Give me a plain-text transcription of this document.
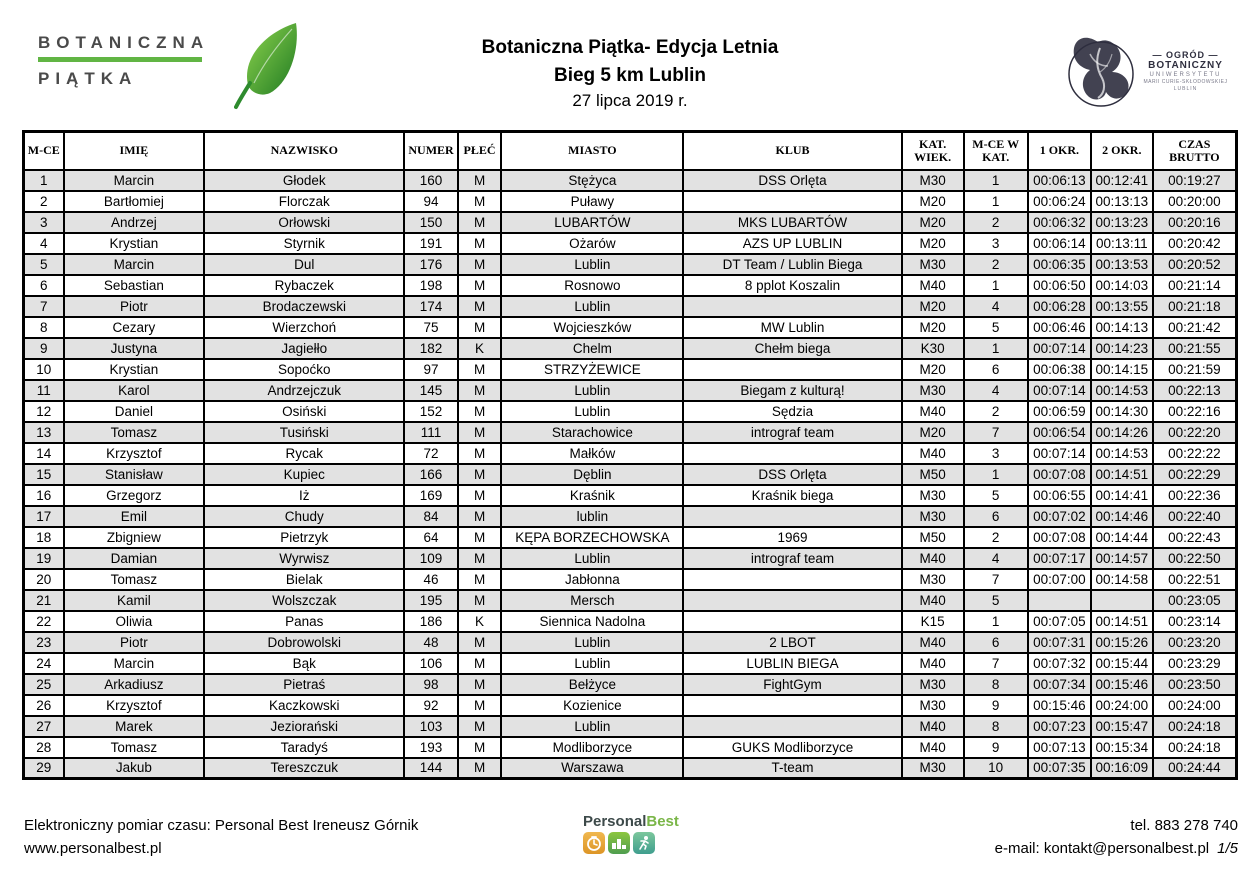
BOTANICZNA
PIĄTKA
Botaniczna Piątka- Edycja Letnia
Bieg 5 km Lublin
27 lipca 2019 r.
— OGRÓD —
BOTANICZNY
UNIWERSYTETU
MARII CURIE-SKŁODOWSKIEJ
LUBLIN
M-CE	IMIĘ	NAZWISKO	NUMER	PŁEĆ	MIASTO	KLUB	KAT. WIEK.	M-CE W KAT.	1 OKR.	2 OKR.	CZAS BRUTTO
1	Marcin	Głodek	160	M	Stężyca	DSS Orlęta	M30	1	00:06:13	00:12:41	00:19:27
2	Bartłomiej	Florczak	94	M	Puławy		M20	1	00:06:24	00:13:13	00:20:00
3	Andrzej	Orłowski	150	M	LUBARTÓW	MKS LUBARTÓW	M20	2	00:06:32	00:13:23	00:20:16
4	Krystian	Styrnik	191	M	Ożarów	AZS UP LUBLIN	M20	3	00:06:14	00:13:11	00:20:42
5	Marcin	Dul	176	M	Lublin	DT Team / Lublin Biega	M30	2	00:06:35	00:13:53	00:20:52
6	Sebastian	Rybaczek	198	M	Rosnowo	8 pplot Koszalin	M40	1	00:06:50	00:14:03	00:21:14
7	Piotr	Brodaczewski	174	M	Lublin		M20	4	00:06:28	00:13:55	00:21:18
8	Cezary	Wierzchoń	75	M	Wojcieszków	MW Lublin	M20	5	00:06:46	00:14:13	00:21:42
9	Justyna	Jagiełło	182	K	Chelm	Chełm biega	K30	1	00:07:14	00:14:23	00:21:55
10	Krystian	Sopoćko	97	M	STRZYŻEWICE		M20	6	00:06:38	00:14:15	00:21:59
11	Karol	Andrzejczuk	145	M	Lublin	Biegam z kulturą!	M30	4	00:07:14	00:14:53	00:22:13
12	Daniel	Osiński	152	M	Lublin	Sędzia	M40	2	00:06:59	00:14:30	00:22:16
13	Tomasz	Tusiński	111	M	Starachowice	intrograf team	M20	7	00:06:54	00:14:26	00:22:20
14	Krzysztof	Rycak	72	M	Małków		M40	3	00:07:14	00:14:53	00:22:22
15	Stanisław	Kupiec	166	M	Dęblin	DSS Orlęta	M50	1	00:07:08	00:14:51	00:22:29
16	Grzegorz	Iż	169	M	Kraśnik	Kraśnik biega	M30	5	00:06:55	00:14:41	00:22:36
17	Emil	Chudy	84	M	lublin		M30	6	00:07:02	00:14:46	00:22:40
18	Zbigniew	Pietrzyk	64	M	KĘPA BORZECHOWSKA	1969	M50	2	00:07:08	00:14:44	00:22:43
19	Damian	Wyrwisz	109	M	Lublin	intrograf team	M40	4	00:07:17	00:14:57	00:22:50
20	Tomasz	Bielak	46	M	Jabłonna		M30	7	00:07:00	00:14:58	00:22:51
21	Kamil	Wolszczak	195	M	Mersch		M40	5			00:23:05
22	Oliwia	Panas	186	K	Siennica Nadolna		K15	1	00:07:05	00:14:51	00:23:14
23	Piotr	Dobrowolski	48	M	Lublin	2 LBOT	M40	6	00:07:31	00:15:26	00:23:20
24	Marcin	Bąk	106	M	Lublin	LUBLIN BIEGA	M40	7	00:07:32	00:15:44	00:23:29
25	Arkadiusz	Pietraś	98	M	Bełżyce	FightGym	M30	8	00:07:34	00:15:46	00:23:50
26	Krzysztof	Kaczkowski	92	M	Kozienice		M30	9	00:15:46	00:24:00	00:24:00
27	Marek	Jeziorański	103	M	Lublin		M40	8	00:07:23	00:15:47	00:24:18
28	Tomasz	Taradyś	193	M	Modliborzyce	GUKS Modliborzyce	M40	9	00:07:13	00:15:34	00:24:18
29	Jakub	Tereszczuk	144	M	Warszawa	T-team	M30	10	00:07:35	00:16:09	00:24:44
Elektroniczny pomiar czasu: Personal Best Ireneusz Górnik
www.personalbest.pl
PersonalBest	tel. 883 278 740
e-mail: kontakt@personalbest.pl 1/5
